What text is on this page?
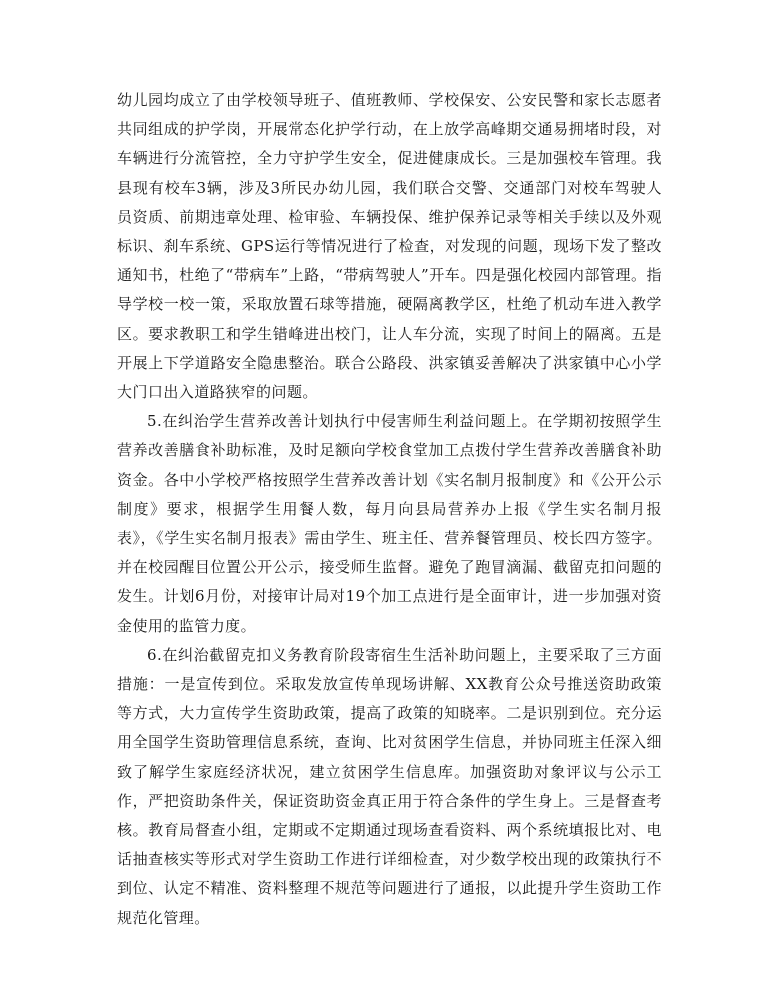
幼儿园均成立了由学校领导班子、值班教师、学校保安、公安民警和家长志愿者共同组成的护学岗，开展常态化护学行动，在上放学高峰期交通易拥堵时段，对车辆进行分流管控，全力守护学生安全，促进健康成长。三是加强校车管理。我县现有校车3辆，涉及3所民办幼儿园，我们联合交警、交通部门对校车驾驶人员资质、前期违章处理、检审验、车辆投保、维护保养记录等相关手续以及外观标识、刹车系统、GPS运行等情况进行了检查，对发现的问题，现场下发了整改通知书，杜绝了“带病车”上路，“带病驾驶人”开车。四是强化校园内部管理。指导学校一校一策，采取放置石球等措施，硬隔离教学区，杜绝了机动车进入教学区。要求教职工和学生错峰进出校门，让人车分流，实现了时间上的隔离。五是开展上下学道路安全隐患整治。联合公路段、洪家镇妥善解决了洪家镇中心小学大门口出入道路狭窄的问题。

5.在纠治学生营养改善计划执行中侵害师生利益问题上。在学期初按照学生营养改善膳食补助标准，及时足额向学校食堂加工点拨付学生营养改善膳食补助资金。各中小学校严格按照学生营养改善计划《实名制月报制度》和《公开公示制度》要求，根据学生用餐人数，每月向县局营养办上报《学生实名制月报表》，《学生实名制月报表》需由学生、班主任、营养餐管理员、校长四方签字。并在校园醒目位置公开公示，接受师生监督。避免了跑冒滴漏、截留克扣问题的发生。计划6月份，对接审计局对19个加工点进行是全面审计，进一步加强对资金使用的监管力度。

6.在纠治截留克扣义务教育阶段寄宿生生活补助问题上，主要采取了三方面措施：一是宣传到位。采取发放宣传单现场讲解、XX教育公众号推送资助政策等方式，大力宣传学生资助政策，提高了政策的知晓率。二是识别到位。充分运用全国学生资助管理信息系统，查询、比对贫困学生信息，并协同班主任深入细致了解学生家庭经济状况，建立贫困学生信息库。加强资助对象评议与公示工作，严把资助条件关，保证资助资金真正用于符合条件的学生身上。三是督查考核。教育局督查小组，定期或不定期通过现场查看资料、两个系统填报比对、电话抽查核实等形式对学生资助工作进行详细检查，对少数学校出现的政策执行不到位、认定不精准、资料整理不规范等问题进行了通报，以此提升学生资助工作规范化管理。
